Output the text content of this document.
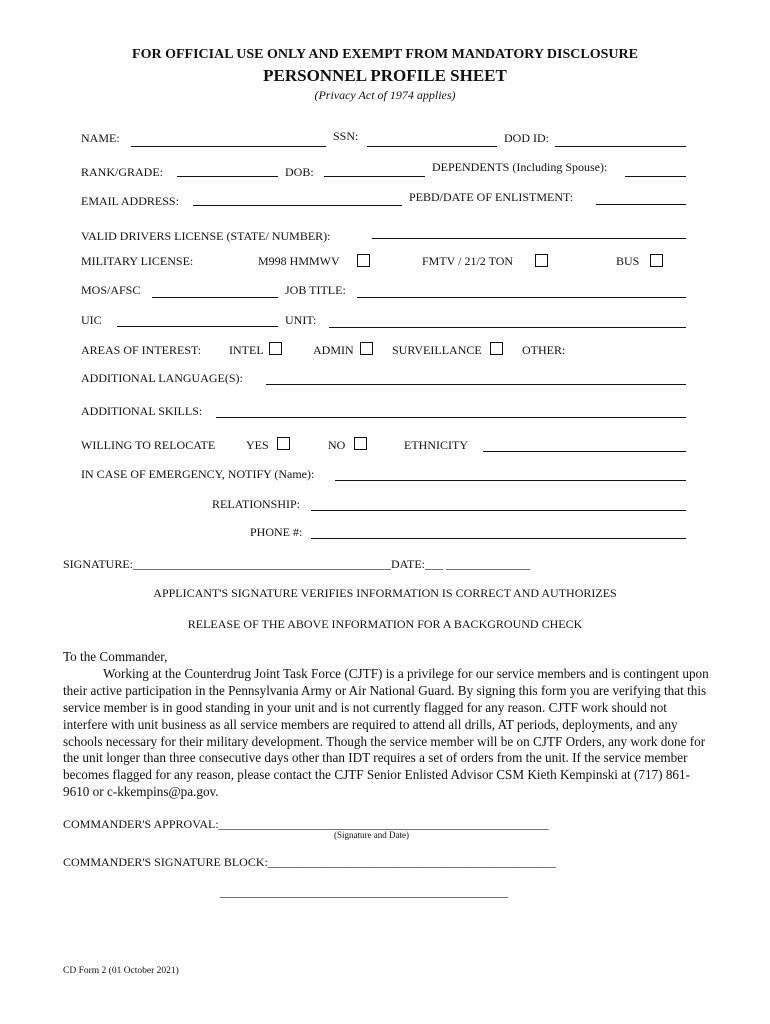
FOR OFFICIAL USE ONLY AND EXEMPT FROM MANDATORY DISCLOSURE
PERSONNEL PROFILE SHEET
(Privacy Act of 1974 applies)
NAME:	SSN:	DOD ID:
RANK/GRADE:	DOB:	DEPENDENTS (Including Spouse):
EMAIL ADDRESS:	PEBD/DATE OF ENLISTMENT:
VALID DRIVERS LICENSE (STATE/ NUMBER):
MILITARY LICENSE:	M998 HMMWV	FMTV / 21/2 TON	BUS
MOS/AFSC	JOB TITLE:
UIC	UNIT:
AREAS OF INTEREST: INTEL	ADMIN	SURVEILLANCE	OTHER:
ADDITIONAL LANGUAGE(S):
ADDITIONAL SKILLS:
WILLING TO RELOCATE	YES	NO	ETHNICITY
IN CASE OF EMERGENCY, NOTIFY (Name):
RELATIONSHIP:
PHONE #:
SIGNATURE:___________________________________________DATE:___ ______________
APPLICANT'S SIGNATURE VERIFIES INFORMATION IS CORRECT AND AUTHORIZES
RELEASE OF THE ABOVE INFORMATION FOR A BACKGROUND CHECK

To the Commander,

Working at the Counterdrug Joint Task Force (CJTF) is a privilege for our service members and is contingent upon their active participation in the Pennsylvania Army or Air National Guard. By signing this form you are verifying that this service member is in good standing in your unit and is not currently flagged for any reason. CJTF work should not interfere with unit business as all service members are required to attend all drills, AT periods, deployments, and any schools necessary for their military development. Though the service member will be on CJTF Orders, any work done for the unit longer than three consecutive days other than IDT requires a set of orders from the unit. If the service member becomes flagged for any reason, please contact the CJTF Senior Enlisted Advisor CSM Kieth Kempinski at (717) 861-9610 or c-kkempins@pa.gov.

COMMANDER'S APPROVAL:_______________________________________________________
(Signature and Date)
COMMANDER'S SIGNATURE BLOCK:________________________________________________
________________________________________________
CD Form 2 (01 October 2021)
